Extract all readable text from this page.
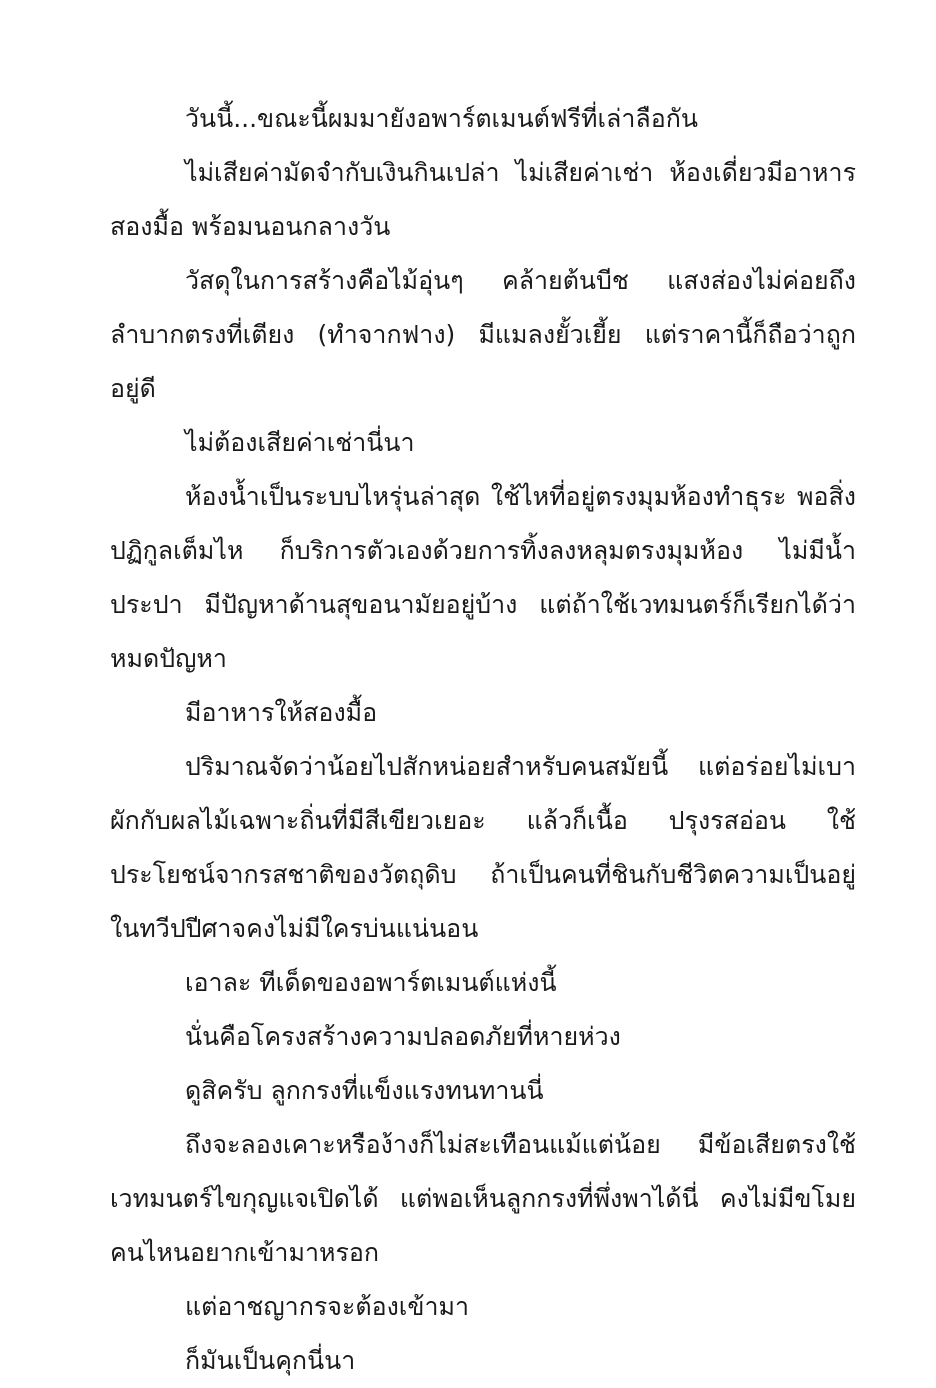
วันนี้...ขณะนี้ผมมายังอพาร์ตเมนต์ฟรีที่เล่าลือกัน

ไม่เสียค่ามัดจำกับเงินกินเปล่า ไม่เสียค่าเช่า ห้องเดี่ยวมีอาหารสองมื้อ พร้อมนอนกลางวัน

วัสดุในการสร้างคือไม้อุ่นๆ คล้ายต้นบีช แสงส่องไม่ค่อยถึง ลำบากตรงที่เตียง (ทำจากฟาง) มีแมลงยั้วเยี้ย แต่ราคานี้ก็ถือว่าถูกอยู่ดี

ไม่ต้องเสียค่าเช่านี่นา

ห้องน้ำเป็นระบบไหรุ่นล่าสุด ใช้ไหที่อยู่ตรงมุมห้องทำธุระ พอสิ่งปฏิกูลเต็มไห ก็บริการตัวเองด้วยการทิ้งลงหลุมตรงมุมห้อง ไม่มีน้ำประปา มีปัญหาด้านสุขอนามัยอยู่บ้าง แต่ถ้าใช้เวทมนตร์ก็เรียกได้ว่าหมดปัญหา

มีอาหารให้สองมื้อ

ปริมาณจัดว่าน้อยไปสักหน่อยสำหรับคนสมัยนี้ แต่อร่อยไม่เบาผักกับผลไม้เฉพาะถิ่นที่มีสีเขียวเยอะ แล้วก็เนื้อ ปรุงรสอ่อน ใช้ประโยชน์จากรสชาติของวัตถุดิบ ถ้าเป็นคนที่ชินกับชีวิตความเป็นอยู่ในทวีปปีศาจคงไม่มีใครบ่นแน่นอน

เอาละ ทีเด็ดของอพาร์ตเมนต์แห่งนี้

นั่นคือโครงสร้างความปลอดภัยที่หายห่วง

ดูสิครับ ลูกกรงที่แข็งแรงทนทานนี่

ถึงจะลองเคาะหรือง้างก็ไม่สะเทือนแม้แต่น้อย มีข้อเสียตรงใช้เวทมนตร์ไขกุญแจเปิดได้ แต่พอเห็นลูกกรงที่พึ่งพาได้นี่ คงไม่มีขโมยคนไหนอยากเข้ามาหรอก

แต่อาชญากรจะต้องเข้ามา

ก็มันเป็นคุกนี่นา
